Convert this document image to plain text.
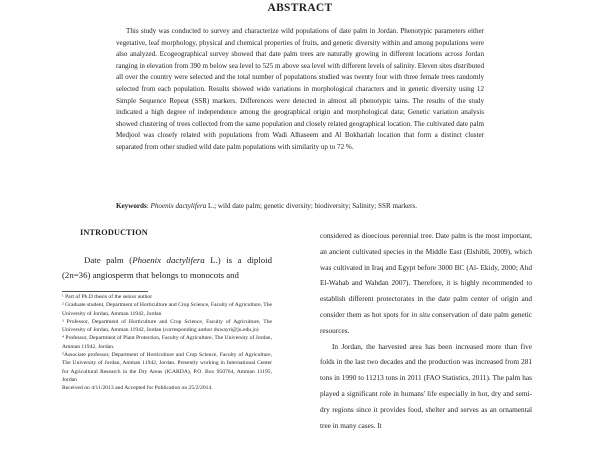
ABSTRACT
This study was conducted to survey and characterize wild populations of date palm in Jordan. Phenotypic parameters either vegetative, leaf morphology, physical and chemical properties of fruits, and genetic diversity within and among populations were also analyzed. Ecogeographical survey showed that date palm trees are naturally growing in different locations across Jordan ranging in elevation from 390 m below sea level to 525 m above sea level with different levels of salinity. Eleven sites distributed all over the country were selected and the total number of populations studied was twenty four with three female trees randomly selected from each population. Results showed wide variations in morphological characters and in genetic diversity using 12 Simple Sequence Repeat (SSR) markers. Differences were detected in almost all phenotypic tains. The results of the study indicated a high degree of independence among the geographical origin and morphological data; Genetic variation analysis showed clustering of trees collected from the same population and closely related geographical location. The cultivated date palm Medjool was closely related with populations from Wadi Alhaseem and Al Bokhariah location that form a distinct cluster separated from other studied wild date palm populations with similarity up to 72 %.
Keywords: Phoenix dactylifera L.; wild date palm; genetic diversity; biodiversity; Salinity; SSR markers.
INTRODUCTION
Date palm (Phoenix dactylifera L.) is a diploid (2n=36) angiosperm that belongs to monocots and

¹ Part of Ph.D thesis of the senior author

² Graduate student, Department of Horticulture and Crop Science, Faculty of Agriculture, The University of Jordan, Amman 11942, Jordan

³ Professor, Department of Horticulture and Crop Science, Faculty of Agriculture, The University of Jordan, Amman 11942, Jordan (corresponding author duwayri@ju.edu.jo)

⁴ Professor, Department of Plant Protection, Faculty of Agriculture, The University of Jordan, Amman 11942, Jordan.

⁵Associate professor, Department of Horticulture and Crop Science, Faculty of Agriculture, The University of Jordan, Amman 11942, Jordan. Presently working in International Center for Agricultural Research in the Dry Areas (ICARDA), P.O. Box 950764, Amman 11195, Jordan

Received on 4/11/2013 and Accepted for Publication on 25/2/2014.

considered as dioecious perennial tree. Date palm is the most important, an ancient cultivated species in the Middle East (Elshibli, 2009), which was cultivated in Iraq and Egypt before 3000 BC (Al- Ekidy, 2000; Ahd El-Wahab and Wahdan 2007). Therefore, it is highly recommended to establish different protectorates in the date palm center of origin and consider them as hot spots for in situ conservation of date palm genetic resources.

In Jordan, the harvested area has been increased more than five folds in the last two decades and the production was increased from 281 tons in 1990 to 11213 tons in 2011 (FAO Statistics, 2011). The palm has played a significant role in humans' life especially in hot, dry and semi-dry regions since it provides food, shelter and serves as an ornamental tree in many cases. It
